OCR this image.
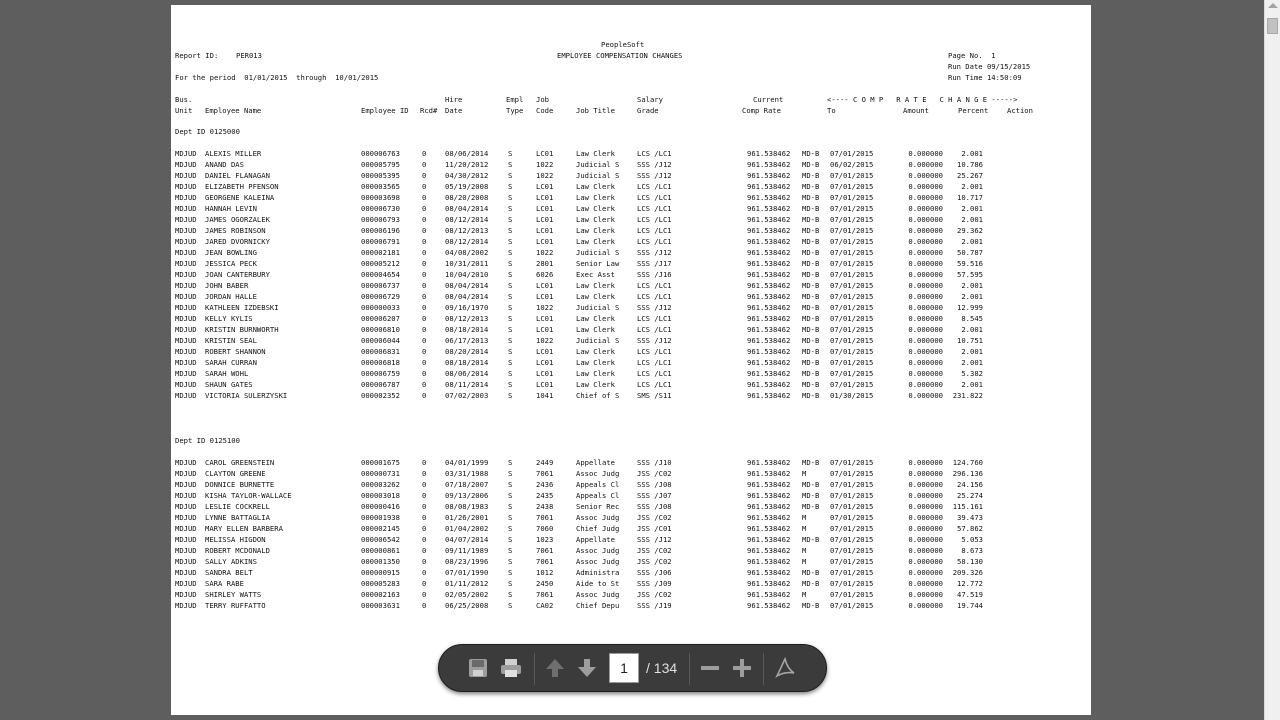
PeopleSoft
Report ID: PER013	EMPLOYEE COMPENSATION CHANGES	Page No.  1
Run Date 09/15/2015
Run Time 14:50:09
For the period  01/01/2015  through  10/01/2015
Bus.	Hire	Empl Job	Salary	Current	<---- C O M P   R A T E   C H A N G E ----->
Unit Employee Name	Employee ID Rcd# Date	Type Code	Job Title	Grade	Comp Rate	To	Amount	Percent	Action
Dept ID 0125000
MDJUD ALEXIS MILLER	000006763	0	08/06/2014	S	LC01	Law Clerk	LCS /LC1	961.538462 MD-B 07/01/2015	0.000000	2.001
MDJUD ANAND DAS	000005795	0	11/20/2012	S	1022	Judicial S SSS /J12	961.538462 MD-B 06/02/2015	0.000000 10.786
MDJUD DANIEL FLANAGAN	000005395	0	04/30/2012	S	1022	Judicial S SSS /J12	961.538462 MD-B 07/01/2015	0.000000 25.267
MDJUD ELIZABETH PFENSON	000003565	0	05/19/2008	S	LC01	Law Clerk	LCS /LC1	961.538462 MD-B 07/01/2015	0.000000	2.001
MDJUD GEORGENE KALEINA	000003698	0	08/20/2008	S	LC01	Law Clerk	LCS /LC1	961.538462 MD-B 07/01/2015	0.000000 10.717
MDJUD HANNAH LEVIN	000006730	0	08/04/2014	S	LC01	Law Clerk	LCS /LC1	961.538462 MD-B 07/01/2015	0.000000	2.001
MDJUD JAMES OGORZALEK	000006793	0	08/12/2014	S	LC01	Law Clerk	LCS /LC1	961.538462 MD-B 07/01/2015	0.000000	2.001
MDJUD JAMES ROBINSON	000006196	0	08/12/2013	S	LC01	Law Clerk	LCS /LC1	961.538462 MD-B 07/01/2015	0.000000 29.362
MDJUD JARED DVORNICKY	000006791	0	08/12/2014	S	LC01	Law Clerk	LCS /LC1	961.538462 MD-B 07/01/2015	0.000000	2.001
MDJUD JEAN BOWLING	000002181	0	04/08/2002	S	1022	Judicial S SSS /J12	961.538462 MD-B 07/01/2015	0.000000 50.787
MDJUD JESSICA PECK	000005212	0	10/31/2011	S	2801	Senior Law SSS /J17	961.538462 MD-B 07/01/2015	0.000000 59.516
MDJUD JOAN CANTERBURY	000004654	0	10/04/2010	S	6026	Exec Asst	SSS /J16	961.538462 MD-B 07/01/2015	0.000000 57.595
MDJUD JOHN BABER	000006737	0	08/04/2014	S	LC01	Law Clerk	LCS /LC1	961.538462 MD-B 07/01/2015	0.000000	2.001
MDJUD JORDAN HALLE	000006729	0	08/04/2014	S	LC01	Law Clerk	LCS /LC1	961.538462 MD-B 07/01/2015	0.000000	2.001
MDJUD KATHLEEN IZDEBSKI	000000033	0	09/16/1970	S	1022	Judicial S SSS /J12	961.538462 MD-B 07/01/2015	0.000000 12.999
MDJUD KELLY KYLIS	000006207	0	08/12/2013	S	LC01	Law Clerk	LCS /LC1	961.538462 MD-B 07/01/2015	0.000000	8.545
MDJUD KRISTIN BURNWORTH	000006810	0	08/18/2014	S	LC01	Law Clerk	LCS /LC1	961.538462 MD-B 07/01/2015	0.000000	2.001
MDJUD KRISTIN SEAL	000006044	0	06/17/2013	S	1022	Judicial S SSS /J12	961.538462 MD-B 07/01/2015	0.000000 10.751
MDJUD ROBERT SHANNON	000006831	0	08/20/2014	S	LC01	Law Clerk	LCS /LC1	961.538462 MD-B 07/01/2015	0.000000	2.001
MDJUD SARAH CURRAN	000006818	0	08/18/2014	S	LC01	Law Clerk	LCS /LC1	961.538462 MD-B 07/01/2015	0.000000	2.001
MDJUD SARAH WOHL	000006759	0	08/06/2014	S	LC01	Law Clerk	LCS /LC1	961.538462 MD-B 07/01/2015	0.000000	5.382
MDJUD SHAUN GATES	000006787	0	08/11/2014	S	LC01	Law Clerk	LCS /LC1	961.538462 MD-B 07/01/2015	0.000000	2.001
MDJUD VICTORIA SULERZYSKI	000002352	0	07/02/2003	S	1041	Chief of S SMS /S11	961.538462 MD-B 01/30/2015	0.000000 231.822
Dept ID 0125100
MDJUD CAROL GREENSTEIN	000001675	0	04/01/1999	S	2449	Appellate	SSS /J10	961.538462 MD-B 07/01/2015	0.000000 124.760
MDJUD CLAYTON GREENE	000000731	0	03/31/1988	S	7061	Assoc Judg JSS /C02	961.538462 M	07/01/2015	0.000000 296.136
MDJUD DONNICE BURNETTE	000003262	0	07/18/2007	S	2436	Appeals Cl SSS /J08	961.538462 MD-B 07/01/2015	0.000000 24.156
MDJUD KISHA TAYLOR-WALLACE	000003018	0	09/13/2006	S	2435	Appeals Cl SSS /J07	961.538462 MD-B 07/01/2015	0.000000 25.274
MDJUD LESLIE COCKRELL	000000416	0	08/08/1983	S	2438	Senior Rec SSS /J08	961.538462 MD-B 07/01/2015	0.000000 115.161
MDJUD LYNNE BATTAGLIA	000001938	0	01/26/2001	S	7061	Assoc Judg JSS /C02	961.538462 M	07/01/2015	0.000000 39.473
MDJUD MARY ELLEN BARBERA	000002145	0	01/04/2002	S	7060	Chief Judg JSS /C01	961.538462 M	07/01/2015	0.000000 57.862
MDJUD MELISSA HIGDON	000006542	0	04/07/2014	S	1023	Appellate	SSS /J12	961.538462 MD-B 07/01/2015	0.000000	5.053
MDJUD ROBERT MCDONALD	000000861	0	09/11/1989	S	7061	Assoc Judg JSS /C02	961.538462 M	07/01/2015	0.000000	8.673
MDJUD SALLY ADKINS	000001350	0	08/23/1996	S	7061	Assoc Judg JSS /C02	961.538462 M	07/01/2015	0.000000 58.130
MDJUD SANDRA BELT	000000915	0	07/01/1990	S	1012	Administra SSS /J06	961.538462 MD-B 07/01/2015	0.000000 209.326
MDJUD SARA RABE	000005283	0	01/11/2012	S	2450	Aide to St SSS /J09	961.538462 MD-B 07/01/2015	0.000000 12.772
MDJUD SHIRLEY WATTS	000002163	0	02/05/2002	S	7061	Assoc Judg JSS /C02	961.538462 M	07/01/2015	0.000000 47.519
MDJUD TERRY RUFFATTO	000003631	0	06/25/2008	S	CA02	Chief Depu SSS /J19	961.538462 MD-B 07/01/2015	0.000000 19.744
1	/ 134
